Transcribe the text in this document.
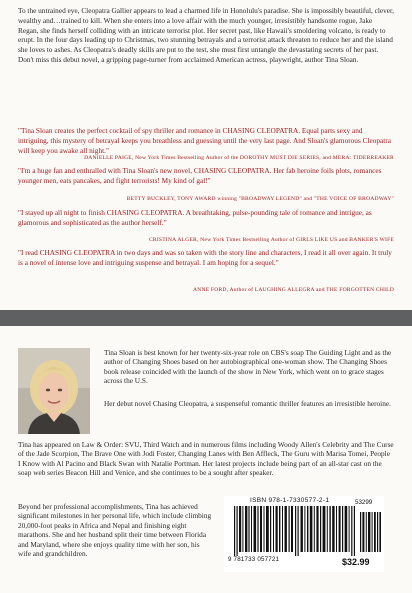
To the untrained eye, Cleopatra Gallier appears to lead a charmed life in Honolulu's paradise. She is impossibly beautiful, clever, wealthy and…trained to kill. When she enters into a love affair with the much younger, irresistibly handsome rogue, Jake Regan, she finds herself colliding with an intricate terrorist plot. Her secret past, like Hawaii's smoldering volcano, is ready to erupt. In the four days leading up to Christmas, two stunning betrayals and a terrorist attack threaten to reduce her and the island she loves to ashes. As Cleopatra's deadly skills are put to the test, she must first untangle the devastating secrets of her past. Don't miss this debut novel, a gripping page-turner from acclaimed American actress, playwright, author Tina Sloan.
"Tina Sloan creates the perfect cocktail of spy thriller and romance in CHASING CLEOPATRA. Equal parts sexy and intriguing, this mystery of betrayal keeps you breathless and guessing until the very last page. And Sloan's glamorous Cleopatra will keep you awake all night."
DANIELLE PAIGE, New York Times Bestselling Author of the DOROTHY MUST DIE SERIES, and MERA: TIDEBREAKER
"I'm a huge fan and enthralled with Tina Sloan's new novel, CHASING CLEOPATRA. Her fab heroine foils plots, romances younger men, eats pancakes, and fight terrorists! My kind of gal!"
BETTY BUCKLEY, TONY AWARD winning "BROADWAY LEGEND" and "THE VOICE OF BROADWAY"
"I stayed up all night to finish CHASING CLEOPATRA. A breathtaking, pulse-pounding tale of romance and intrigue, as glamorous and sophisticated as the author herself."
CRISTINA ALGER, New York Times Bestselling Author of GIRLS LIKE US and BANKER'S WIFE
"I read CHASING CLEOPATRA in two days and was so taken with the story line and characters, I read it all over again. It truly is a novel of intense love and intriguing suspense and betrayal. I am hoping for a sequel."
ANNE FORD, Author of LAUGHING ALLEGRA and THE FORGOTTEN CHILD
Tina Sloan is best known for her twenty-six-year role on CBS's soap The Guiding Light and as the author of Changing Shoes based on her autobiographical one-woman show. The Changing Shoes book release coincided with the launch of the show in New York, which went on to grace stages across the U.S.
Her debut novel Chasing Cleopatra, a suspenseful romantic thriller features an irresistible heroine.
Tina has appeared on Law & Order: SVU, Third Watch and in numerous films including Woody Allen's Celebrity and The Curse of the Jade Scorpion, The Brave One with Jodi Foster, Changing Lanes with Ben Affleck, The Guru with Marisa Tomei, People I Know with Al Pacino and Black Swan with Natalie Portman. Her latest projects include being part of an all-star cast on the soap web series Beacon Hill and Venice, and she continues to be a sought after speaker.
Beyond her professional accomplishments, Tina has achieved significant milestones in her personal life, which include climbing 20,000-foot peaks in Africa and Nepal and finishing eight marathons. She and her husband split their time between Florida and Maryland, where she enjoys quality time with her son, his wife and grandchildren.
ISBN 978-1-7330577-2-1	53299
9 781733 057721	$32.99
